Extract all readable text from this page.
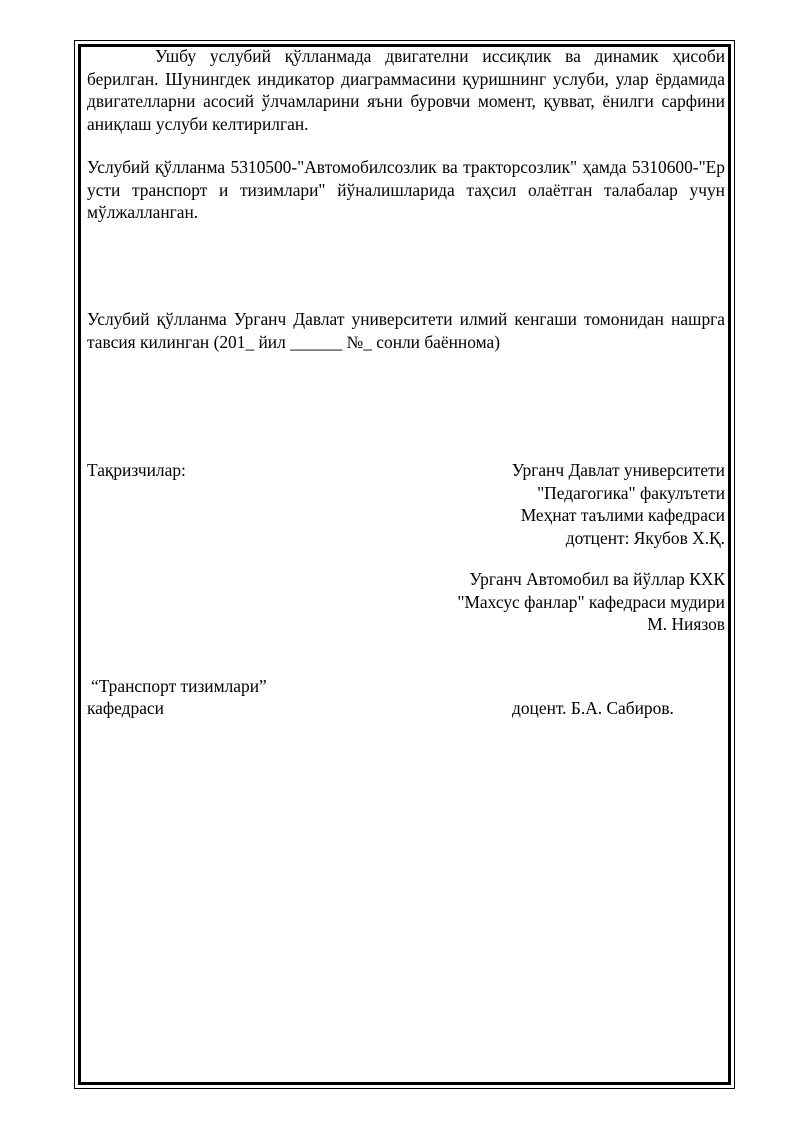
Ушбу услубий қўлланмада двигателни иссиқлик ва динамик ҳисоби берилган. Шунингдек индикатор диаграммасини қуришнинг услуби, улар ёрдамида двигателларни асосий ўлчамларини яъни буровчи момент, қувват, ёнилги сарфини аниқлаш услуби келтирилган.

Услубий қўлланма 5310500-"Автомобилсозлик ва тракторсозлик" ҳамда 5310600-"Ер усти транспорт и тизимлари" йўналишларида таҳсил олаётган талабалар учун мўлжалланган.

Услубий қўлланма Урганч Давлат университети илмий кенгаши томонидан нашрга тавсия килинган (201_ йил ______ №_ сонли баённома)

Тақризчилар:	Урганч Давлат университети
"Педагогика" факулътети
Меҳнат таълими кафедраси
дотцент: Якубов Х.Қ.
Урганч Автомобил ва йўллар КХК
"Махсус фанлар" кафедраси мудири
М. Ниязов
“Транспорт тизимлари”
кафедраси	доцент. Б.А. Сабиров.
